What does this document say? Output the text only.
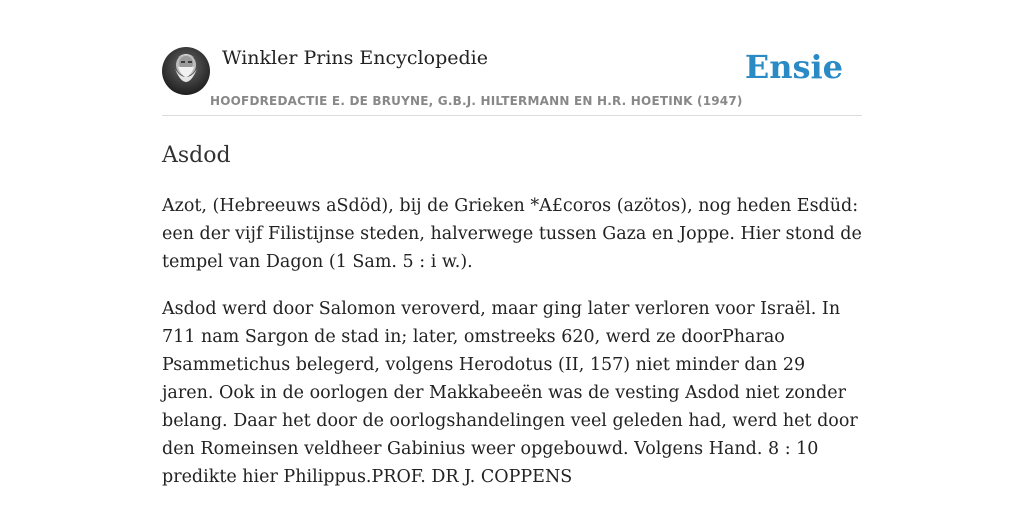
Winkler Prins Encyclopedie
HOOFDREDACTIE E. DE BRUYNE, G.B.J. HILTERMANN EN H.R. HOETINK (1947)
Ensie
Asdod

Azot, (Hebreeuws aSdöd), bij de Grieken *A£coros (azötos), nog heden Esdüd: een der vijf Filistijnse steden, halverwege tussen Gaza en Joppe. Hier stond de tempel van Dagon (1 Sam. 5 : i w.).

Asdod werd door Salomon veroverd, maar ging later verloren voor Israël. In 711 nam Sargon de stad in; later, omstreeks 620, werd ze doorPharao Psammetichus belegerd, volgens Herodotus (II, 157) niet minder dan 29 jaren. Ook in de oorlogen der Makkabeeën was de vesting Asdod niet zonder belang. Daar het door de oorlogshandelingen veel geleden had, werd het door den Romeinsen veldheer Gabinius weer opgebouwd. Volgens Hand. 8 : 10 predikte hier Philippus.PROF. DR J. COPPENS
